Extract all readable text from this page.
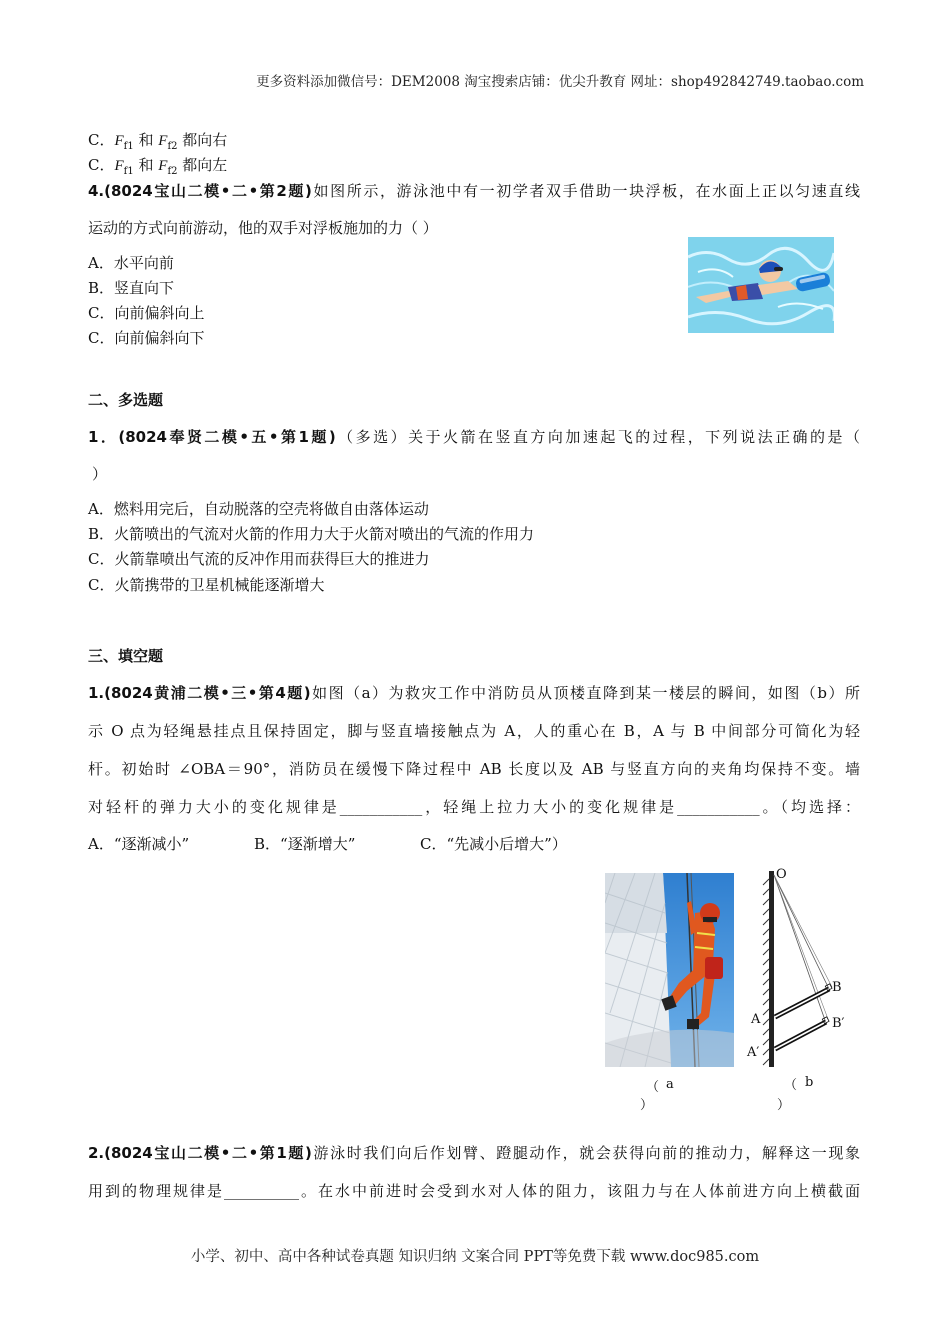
更多资料添加微信号：DEM2008 淘宝搜索店铺：优尖升教育 网址：shop492842749.taobao.com
C．$F_{f1}$ 和 $F_{f2}$ 都向右
C．$F_{f1}$ 和 $F_{f2}$ 都向左
4.(8024宝山二模•二•第2题)如图所示，游泳池中有一初学者双手借助一块浮板，在水面上正以匀速直线
运动的方式向前游动，他的双手对浮板施加的力（ ）
A．水平向前
B．竖直向下
C．向前偏斜向上
C．向前偏斜向下
二、多选题
1．(8024奉贤二模•五•第1题)（多选）关于火箭在竖直方向加速起飞的过程，下列说法正确的是（
）
A．燃料用完后，自动脱落的空壳将做自由落体运动
B．火箭喷出的气流对火箭的作用力大于火箭对喷出的气流的作用力
C．火箭靠喷出气流的反冲作用而获得巨大的推进力
C．火箭携带的卫星机械能逐渐增大
三、填空题
1.(8024黄浦二模•三•第4题)如图（a）为救灾工作中消防员从顶楼直降到某一楼层的瞬间，如图（b）所
示 O 点为轻绳悬挂点且保持固定，脚与竖直墙接触点为 A，人的重心在 B，A 与 B 中间部分可简化为轻
杆。初始时 ∠OBA＝90°，消防员在缓慢下降过程中 AB 长度以及 AB 与竖直方向的夹角均保持不变。墙
对轻杆的弹力大小的变化规律是___________，轻绳上拉力大小的变化规律是___________。（均选择：
A．“逐渐减小”	B．“逐渐增大”	C．“先减小后增大”）
（ a
）
O
B
A	B′
A′
（ b
）
2.(8024宝山二模•二•第1题)游泳时我们向后作划臂、蹬腿动作，就会获得向前的推动力，解释这一现象
用到的物理规律是__________。在水中前进时会受到水对人体的阻力，该阻力与在人体前进方向上横截面
小学、初中、高中各种试卷真题 知识归纳 文案合同 PPT等免费下载 www.doc985.com
